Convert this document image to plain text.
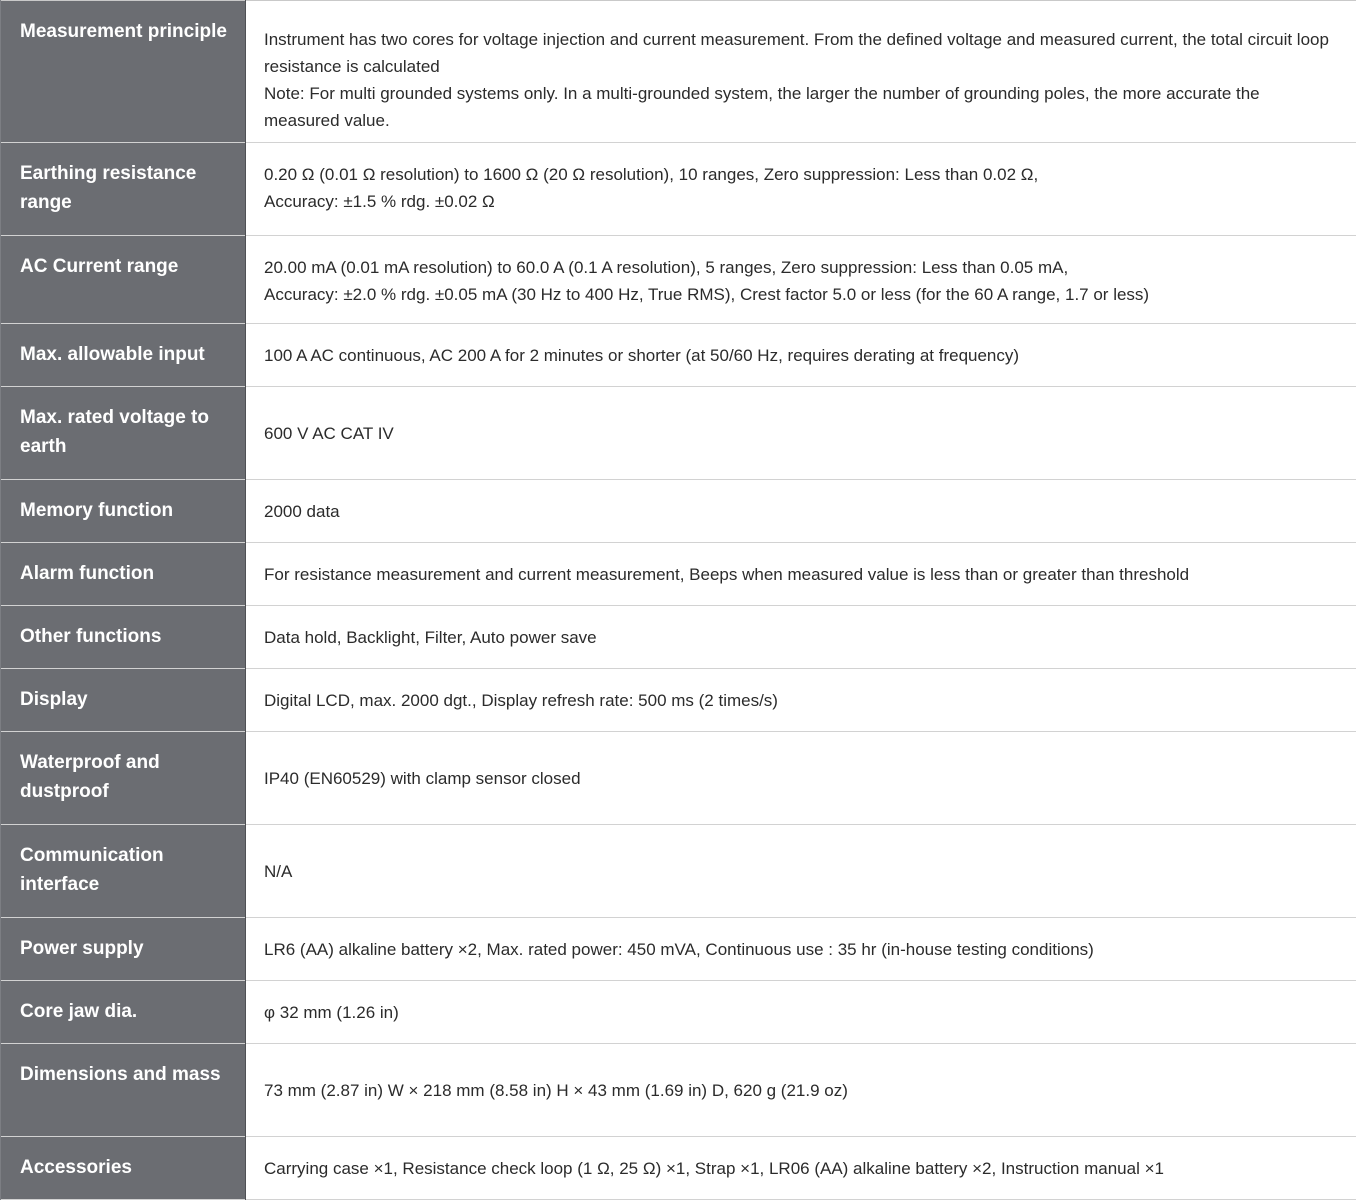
Measurement principle	Instrument has two cores for voltage injection and current measurement. From the defined voltage and measured current, the total circuit loop resistance is calculated
Note: For multi grounded systems only. In a multi-grounded system, the larger the number of grounding poles, the more accurate the measured value.

Earthing resistance range	0.20 Ω (0.01 Ω resolution) to 1600 Ω (20 Ω resolution), 10 ranges, Zero suppression: Less than 0.02 Ω,
Accuracy: ±1.5 % rdg. ±0.02 Ω

AC Current range	20.00 mA (0.01 mA resolution) to 60.0 A (0.1 A resolution), 5 ranges, Zero suppression: Less than 0.05 mA,
Accuracy: ±2.0 % rdg. ±0.05 mA (30 Hz to 400 Hz, True RMS), Crest factor 5.0 or less (for the 60 A range, 1.7 or less)

Max. allowable input	100 A AC continuous, AC 200 A for 2 minutes or shorter (at 50/60 Hz, requires derating at frequency)
Max. rated voltage to earth	600 V AC CAT IV
Memory function	2000 data
Alarm function	For resistance measurement and current measurement, Beeps when measured value is less than or greater than threshold
Other functions	Data hold, Backlight, Filter, Auto power save
Display	Digital LCD, max. 2000 dgt., Display refresh rate: 500 ms (2 times/s)
Waterproof and dustproof	IP40 (EN60529) with clamp sensor closed
Communication interface	N/A
Power supply	LR6 (AA) alkaline battery ×2, Max. rated power: 450 mVA, Continuous use : 35 hr (in-house testing conditions)
Core jaw dia.	φ 32 mm (1.26 in)
Dimensions and mass	73 mm (2.87 in) W × 218 mm (8.58 in) H × 43 mm (1.69 in) D, 620 g (21.9 oz)
Accessories	Carrying case ×1, Resistance check loop (1 Ω, 25 Ω) ×1, Strap ×1, LR06 (AA) alkaline battery ×2, Instruction manual ×1
